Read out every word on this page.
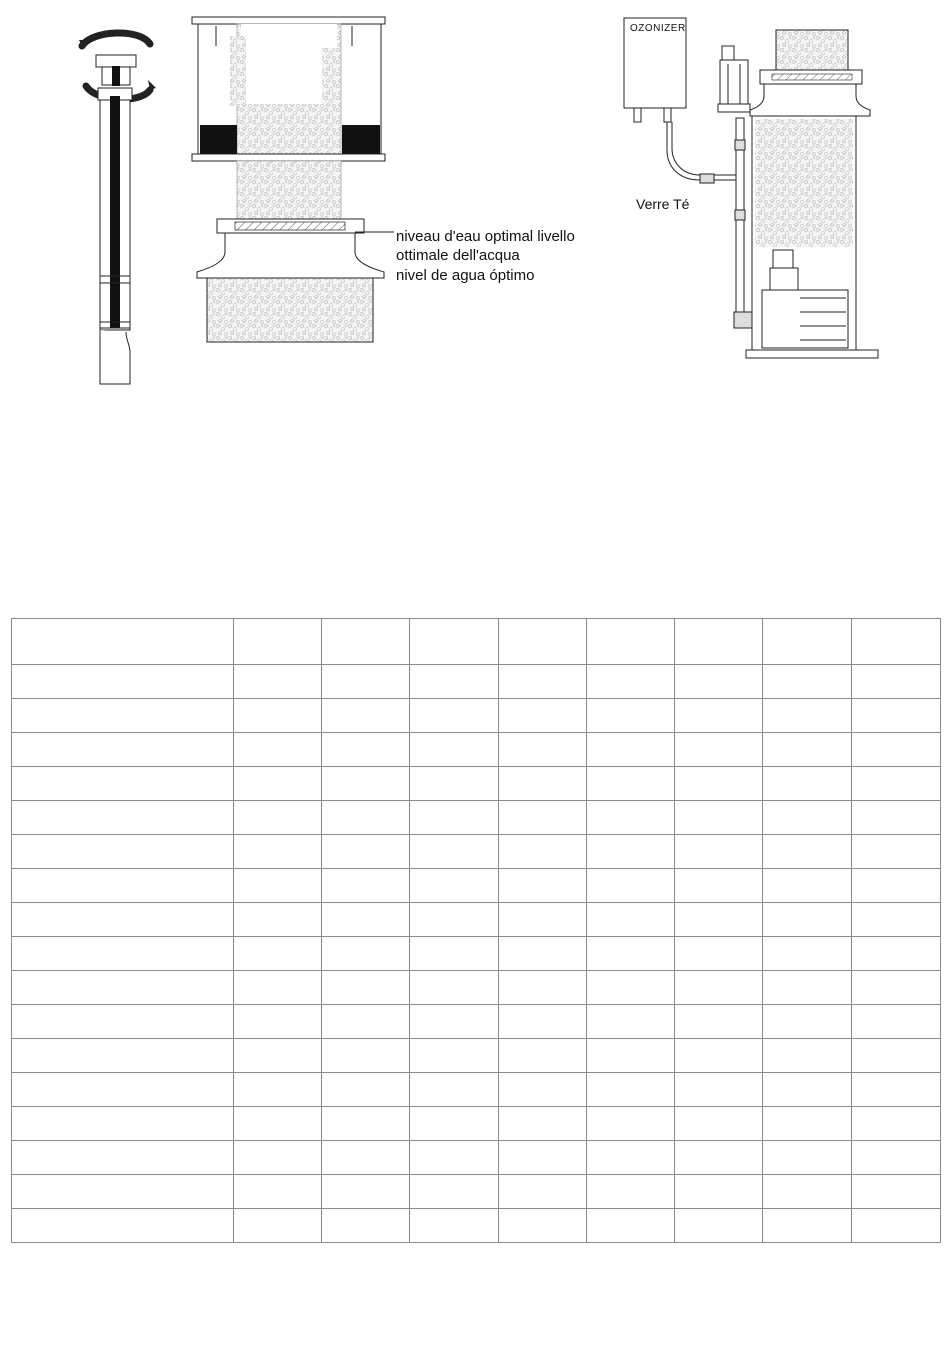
niveau d'eau optimal livello
ottimale dell'acqua
nivel de agua óptimo
OZONIZER
Verre Té
